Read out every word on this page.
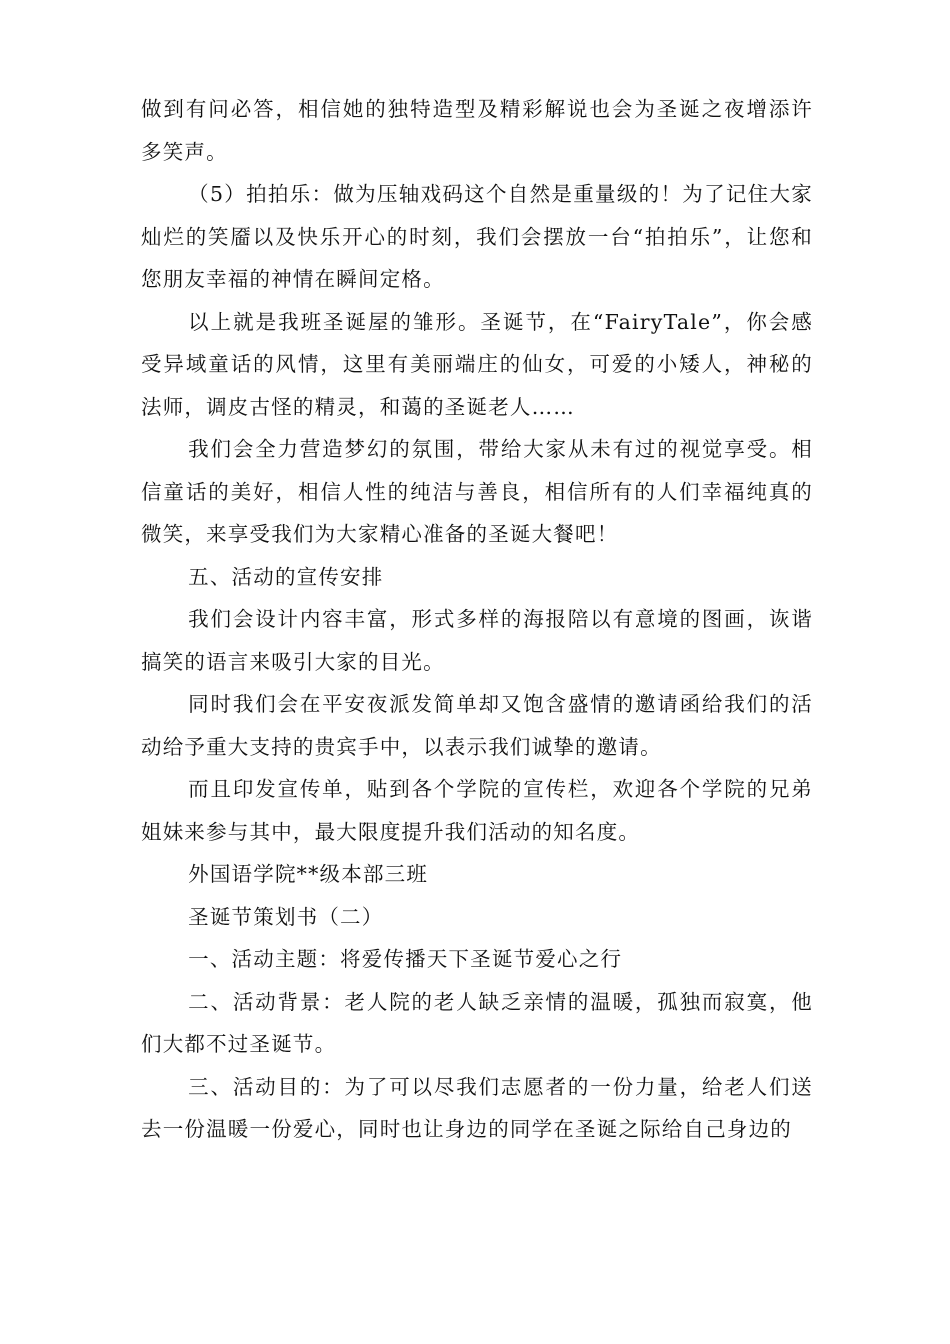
做到有问必答，相信她的独特造型及精彩解说也会为圣诞之夜增添许多笑声。

（5）拍拍乐：做为压轴戏码这个自然是重量级的！为了记住大家灿烂的笑靥以及快乐开心的时刻，我们会摆放一台“拍拍乐”，让您和您朋友幸福的神情在瞬间定格。

以上就是我班圣诞屋的雏形。圣诞节，在“FairyTale”，你会感受异域童话的风情，这里有美丽端庄的仙女，可爱的小矮人，神秘的法师，调皮古怪的精灵，和蔼的圣诞老人……

我们会全力营造梦幻的氛围，带给大家从未有过的视觉享受。相信童话的美好，相信人性的纯洁与善良，相信所有的人们幸福纯真的微笑，来享受我们为大家精心准备的圣诞大餐吧！

五、活动的宣传安排

我们会设计内容丰富，形式多样的海报陪以有意境的图画，诙谐搞笑的语言来吸引大家的目光。

同时我们会在平安夜派发简单却又饱含盛情的邀请函给我们的活动给予重大支持的贵宾手中，以表示我们诚挚的邀请。

而且印发宣传单，贴到各个学院的宣传栏，欢迎各个学院的兄弟姐妹来参与其中，最大限度提升我们活动的知名度。

外国语学院**级本部三班

圣诞节策划书（二）

一、活动主题：将爱传播天下圣诞节爱心之行

二、活动背景：老人院的老人缺乏亲情的温暖，孤独而寂寞，他们大都不过圣诞节。

三、活动目的：为了可以尽我们志愿者的一份力量，给老人们送去一份温暖一份爱心，同时也让身边的同学在圣诞之际给自己身边的
